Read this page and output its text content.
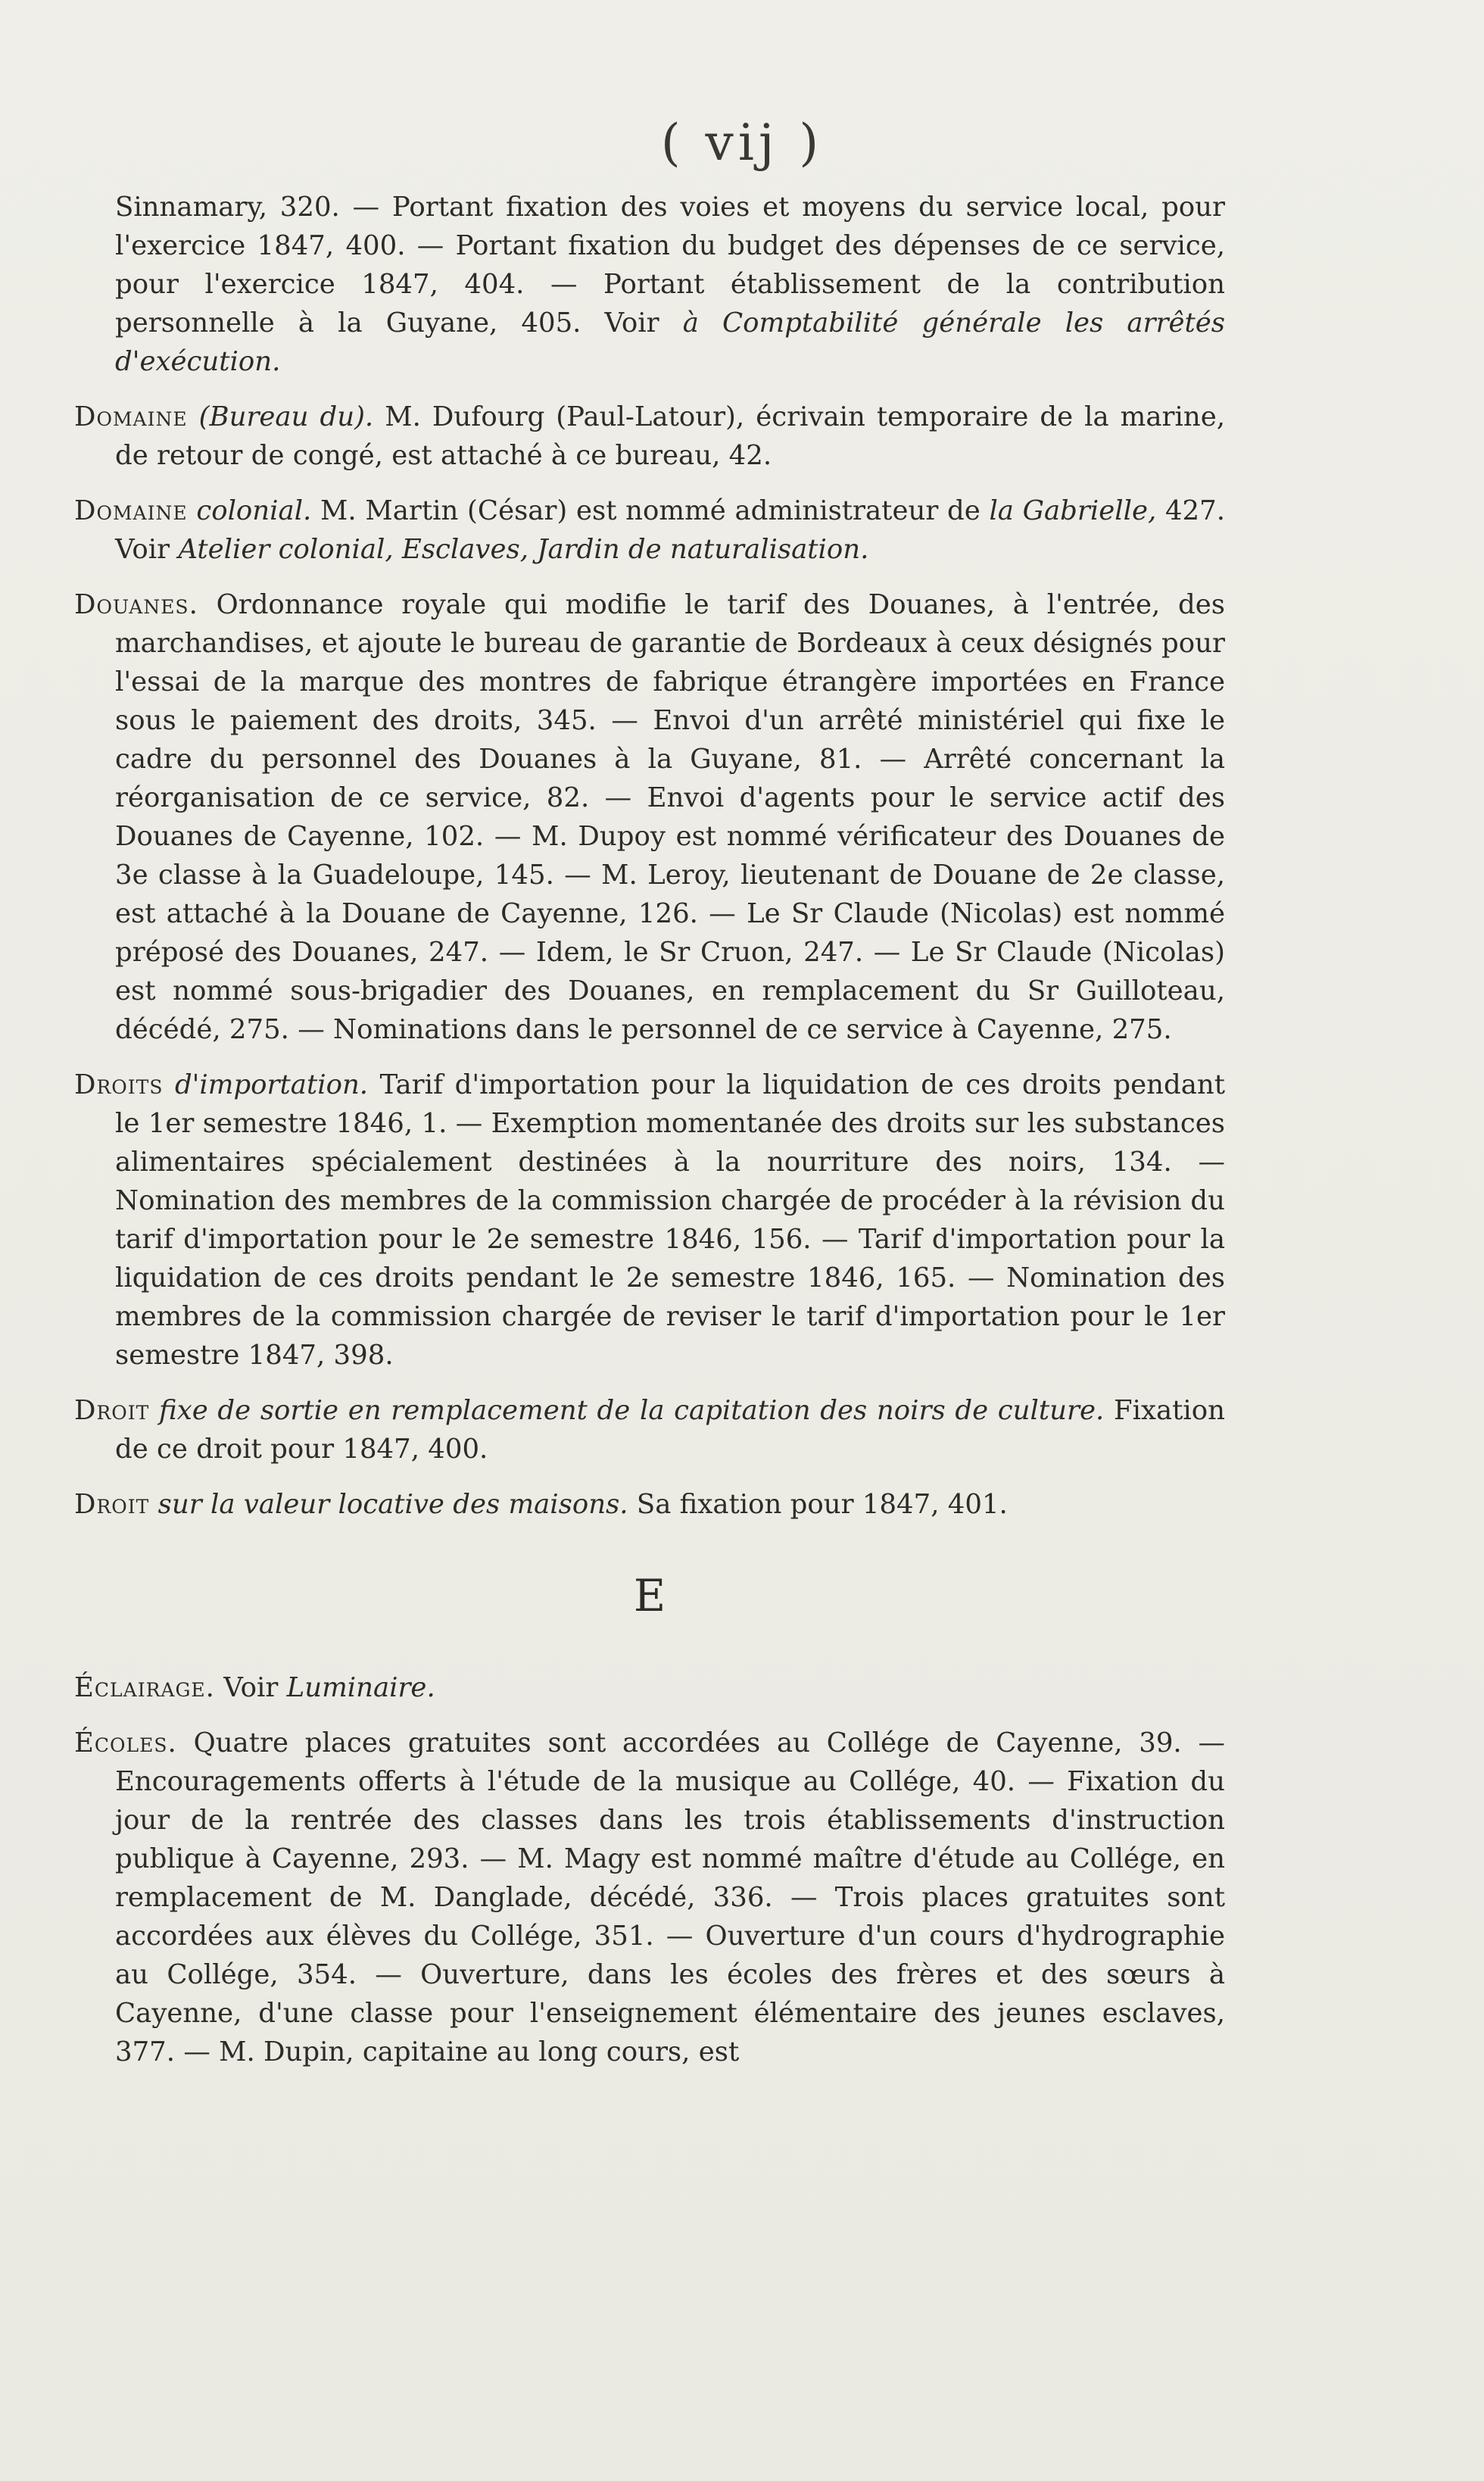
( vij )

Sinnamary, 320. — Portant fixation des voies et moyens du service local, pour l'exercice 1847, 400. — Portant fixation du budget des dépenses de ce service, pour l'exercice 1847, 404. — Portant établissement de la contribution personnelle à la Guyane, 405. Voir à Comptabilité générale les arrêtés d'exécution.

Domaine (Bureau du). M. Dufourg (Paul-Latour), écrivain temporaire de la marine, de retour de congé, est attaché à ce bureau, 42.

Domaine colonial. M. Martin (César) est nommé administrateur de la Gabrielle, 427. Voir Atelier colonial, Esclaves, Jardin de naturalisation.

Douanes. Ordonnance royale qui modifie le tarif des Douanes, à l'entrée, des marchandises, et ajoute le bureau de garantie de Bordeaux à ceux désignés pour l'essai de la marque des montres de fabrique étrangère importées en France sous le paiement des droits, 345. — Envoi d'un arrêté ministériel qui fixe le cadre du personnel des Douanes à la Guyane, 81. — Arrêté concernant la réorganisation de ce service, 82. — Envoi d'agents pour le service actif des Douanes de Cayenne, 102. — M. Dupoy est nommé vérificateur des Douanes de 3e classe à la Guadeloupe, 145. — M. Leroy, lieutenant de Douane de 2e classe, est attaché à la Douane de Cayenne, 126. — Le Sr Claude (Nicolas) est nommé préposé des Douanes, 247. — Idem, le Sr Cruon, 247. — Le Sr Claude (Nicolas) est nommé sous-brigadier des Douanes, en remplacement du Sr Guilloteau, décédé, 275. — Nominations dans le personnel de ce service à Cayenne, 275.

Droits d'importation. Tarif d'importation pour la liquidation de ces droits pendant le 1er semestre 1846, 1. — Exemption momentanée des droits sur les substances alimentaires spécialement destinées à la nourriture des noirs, 134. — Nomination des membres de la commission chargée de procéder à la révision du tarif d'importation pour le 2e semestre 1846, 156. — Tarif d'importation pour la liquidation de ces droits pendant le 2e semestre 1846, 165. — Nomination des membres de la commission chargée de reviser le tarif d'importation pour le 1er semestre 1847, 398.

Droit fixe de sortie en remplacement de la capitation des noirs de culture. Fixation de ce droit pour 1847, 400.

Droit sur la valeur locative des maisons. Sa fixation pour 1847, 401.

E

Éclairage. Voir Luminaire.

Écoles. Quatre places gratuites sont accordées au Collége de Cayenne, 39. — Encouragements offerts à l'étude de la musique au Collége, 40. — Fixation du jour de la rentrée des classes dans les trois établissements d'instruction publique à Cayenne, 293. — M. Magy est nommé maître d'étude au Collége, en remplacement de M. Danglade, décédé, 336. — Trois places gratuites sont accordées aux élèves du Collége, 351. — Ouverture d'un cours d'hydrographie au Collége, 354. — Ouverture, dans les écoles des frères et des sœurs à Cayenne, d'une classe pour l'enseignement élémentaire des jeunes esclaves, 377. — M. Dupin, capitaine au long cours, est
